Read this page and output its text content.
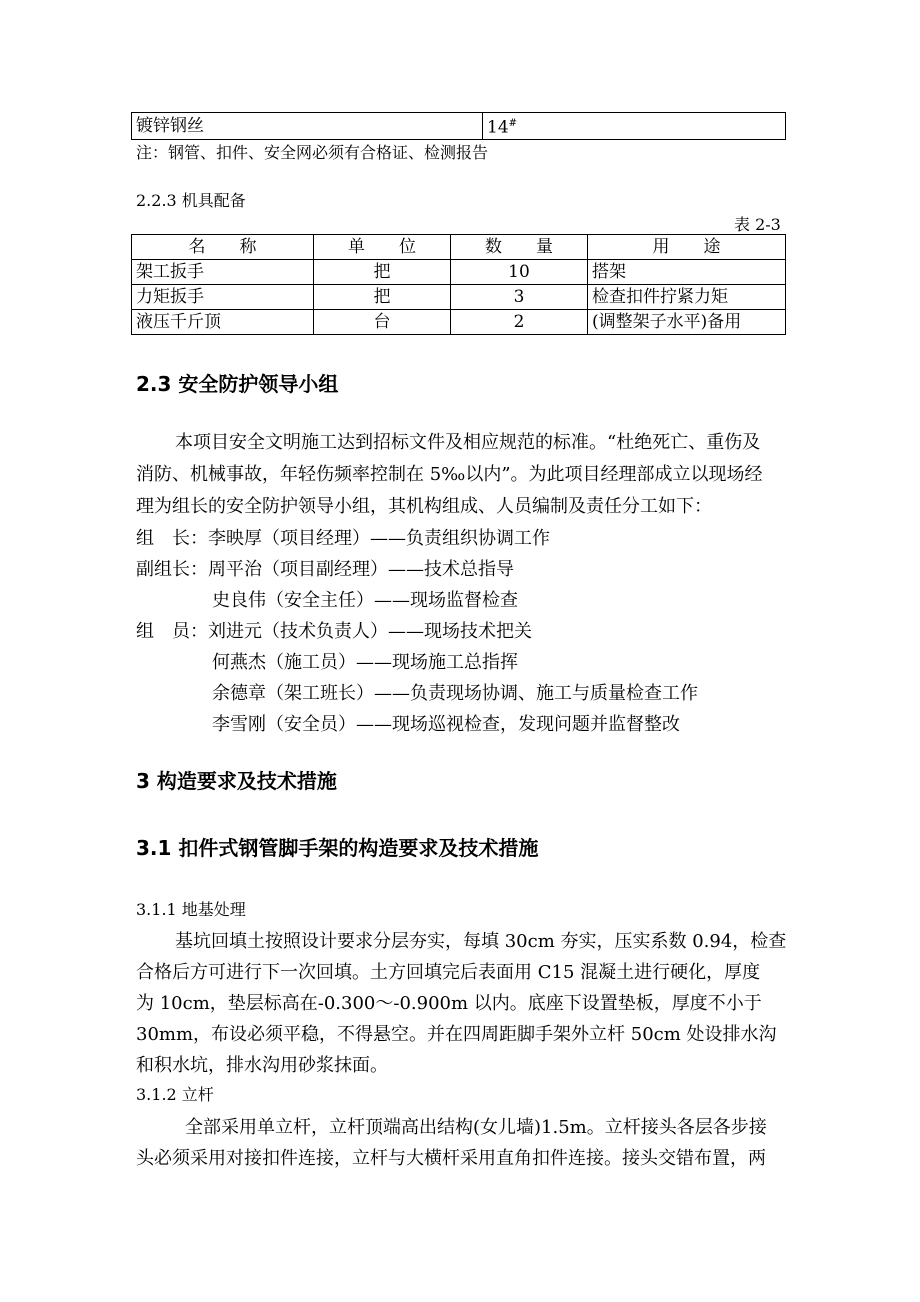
镀锌钢丝	14#
注：钢管、扣件、安全网必须有合格证、检测报告
2.2.3 机具配备
表 2-3
名　　称	单　　位	数　　量	用　　途
架工扳手	把	10	搭架
力矩扳手	把	3	检查扣件拧紧力矩
液压千斤顶	台	2	(调整架子水平)备用
2.3 安全防护领导小组
本项目安全文明施工达到招标文件及相应规范的标准。“杜绝死亡、重伤及
消防、机械事故，年轻伤频率控制在 5‰以内”。为此项目经理部成立以现场经
理为组长的安全防护领导小组，其机构组成、人员编制及责任分工如下：
组　长：李映厚（项目经理）——负责组织协调工作
副组长：周平治（项目副经理）——技术总指导
史良伟（安全主任）——现场监督检查
组　员：刘进元（技术负责人）——现场技术把关
何燕杰（施工员）——现场施工总指挥
余德章（架工班长）——负责现场协调、施工与质量检查工作
李雪刚（安全员）——现场巡视检查，发现问题并监督整改
3 构造要求及技术措施
3.1 扣件式钢管脚手架的构造要求及技术措施
3.1.1 地基处理
基坑回填土按照设计要求分层夯实，每填 30cm 夯实，压实系数 0.94，检查
合格后方可进行下一次回填。土方回填完后表面用 C15 混凝土进行硬化，厚度
为 10cm，垫层标高在-0.300～-0.900m 以内。底座下设置垫板，厚度不小于
30mm，布设必须平稳，不得悬空。并在四周距脚手架外立杆 50cm 处设排水沟
和积水坑，排水沟用砂浆抹面。
3.1.2 立杆
全部采用单立杆，立杆顶端高出结构(女儿墙)1.5m。立杆接头各层各步接
头必须采用对接扣件连接，立杆与大横杆采用直角扣件连接。接头交错布置，两
